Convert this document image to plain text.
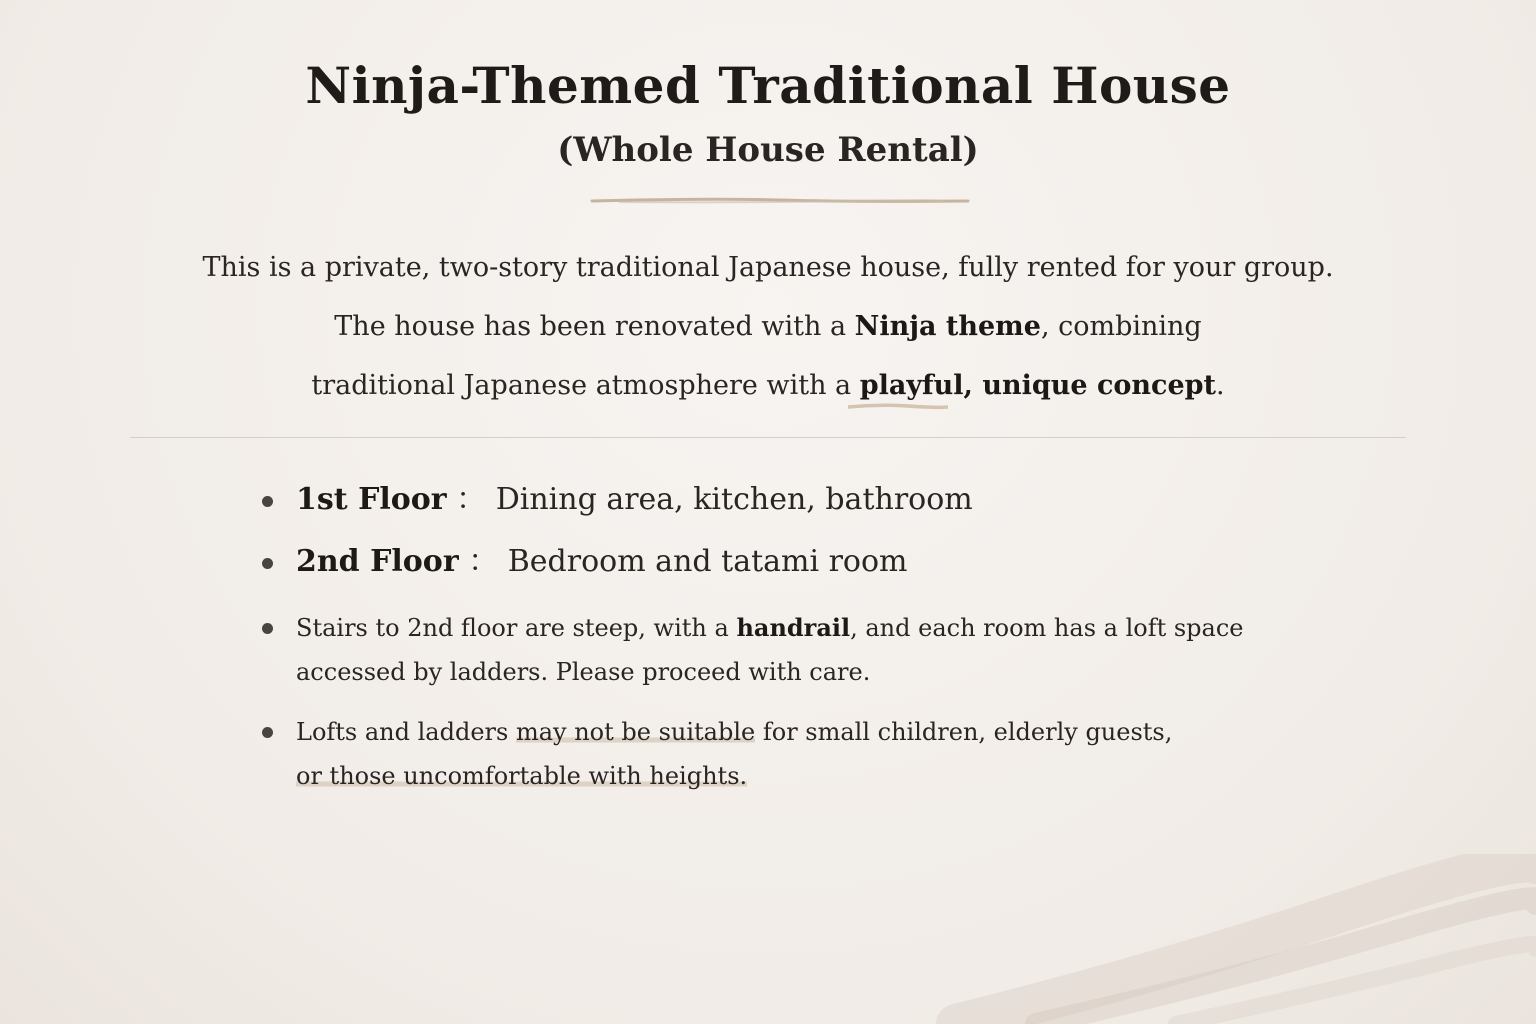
Ninja-Themed Traditional House
(Whole House Rental)

This is a private, two-story traditional Japanese house, fully rented for your group.

The house has been renovated with a Ninja theme, combining

traditional Japanese atmosphere with a playful, unique concept.

1st Floor ： Dining area, kitchen, bathroom
2nd Floor ： Bedroom and tatami room
Stairs to 2nd floor are steep, with a handrail, and each room has a loft space
accessed by ladders. Please proceed with care.
Lofts and ladders may not be suitable for small children, elderly guests,
or those uncomfortable with heights.
